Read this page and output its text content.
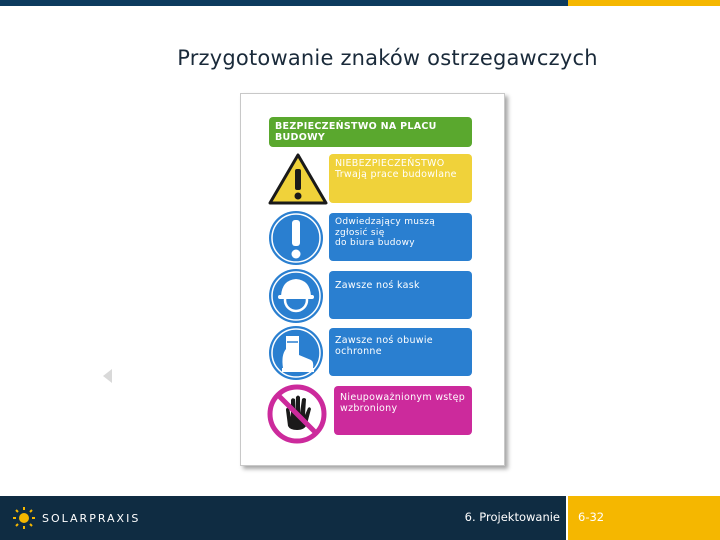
Przygotowanie znaków ostrzegawczych
BEZPIECZEŃSTWO NA PLACU BUDOWY
NIEBEZPIECZEŃSTWO
Trwają prace budowlane
Odwiedzający muszą zgłosić się
do biura budowy
Zawsze noś kask
Zawsze noś obuwie
ochronne
Nieupoważnionym wstęp
wzbroniony
SOLARPRAXIS	6. Projektowanie 6-32
